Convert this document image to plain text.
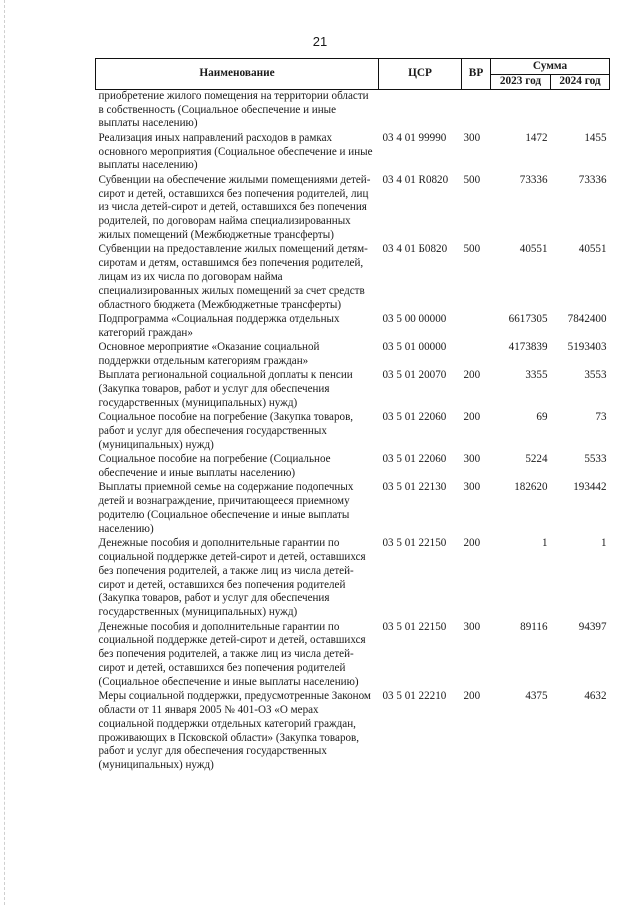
21
Наименование	ЦСР	ВР	Сумма	
			2023 год	2024 год
приобретение жилого помещения на территории области в собственность (Социальное обеспечение и иные выплаты населению)				
Реализация иных направлений расходов в рамках основного мероприятия (Социальное обеспечение и иные выплаты населению)	03 4 01 99990	300	1472	1455
Субвенции на обеспечение жилыми помещениями детей-сирот и детей, оставшихся без попечения родителей, лиц из числа детей-сирот и детей, оставшихся без попечения родителей, по договорам найма специализированных жилых помещений (Межбюджетные трансферты)	03 4 01 R0820	500	73336	73336
Субвенции на предоставление жилых помещений детям-сиротам и детям, оставшимся без попечения родителей, лицам из их числа по договорам найма специализированных жилых помещений за счет средств областного бюджета (Межбюджетные трансферты)	03 4 01 Б0820	500	40551	40551
Подпрограмма «Социальная поддержка отдельных категорий граждан»	03 5 00 00000		6617305	7842400
Основное мероприятие «Оказание социальной поддержки отдельным категориям граждан»	03 5 01 00000		4173839	5193403
Выплата региональной социальной доплаты к пенсии (Закупка товаров, работ и услуг для обеспечения государственных (муниципальных) нужд)	03 5 01 20070	200	3355	3553
Социальное пособие на погребение (Закупка товаров, работ и услуг для обеспечения государственных (муниципальных) нужд)	03 5 01 22060	200	69	73
Социальное пособие на погребение (Социальное обеспечение и иные выплаты населению)	03 5 01 22060	300	5224	5533
Выплаты приемной семье на содержание подопечных детей и вознаграждение, причитающееся приемному родителю (Социальное обеспечение и иные выплаты населению)	03 5 01 22130	300	182620	193442
Денежные пособия и дополнительные гарантии по социальной поддержке детей-сирот и детей, оставшихся без попечения родителей, а также лиц из числа детей-сирот и детей, оставшихся без попечения родителей (Закупка товаров, работ и услуг для обеспечения государственных (муниципальных) нужд)	03 5 01 22150	200	1	1
Денежные пособия и дополнительные гарантии по социальной поддержке детей-сирот и детей, оставшихся без попечения родителей, а также лиц из числа детей-сирот и детей, оставшихся без попечения родителей (Социальное обеспечение и иные выплаты населению)	03 5 01 22150	300	89116	94397
Меры социальной поддержки, предусмотренные Законом области от 11 января 2005 № 401-ОЗ «О мерах социальной поддержки отдельных категорий граждан, проживающих в Псковской области» (Закупка товаров, работ и услуг для обеспечения государственных (муниципальных) нужд)	03 5 01 22210	200	4375	4632
